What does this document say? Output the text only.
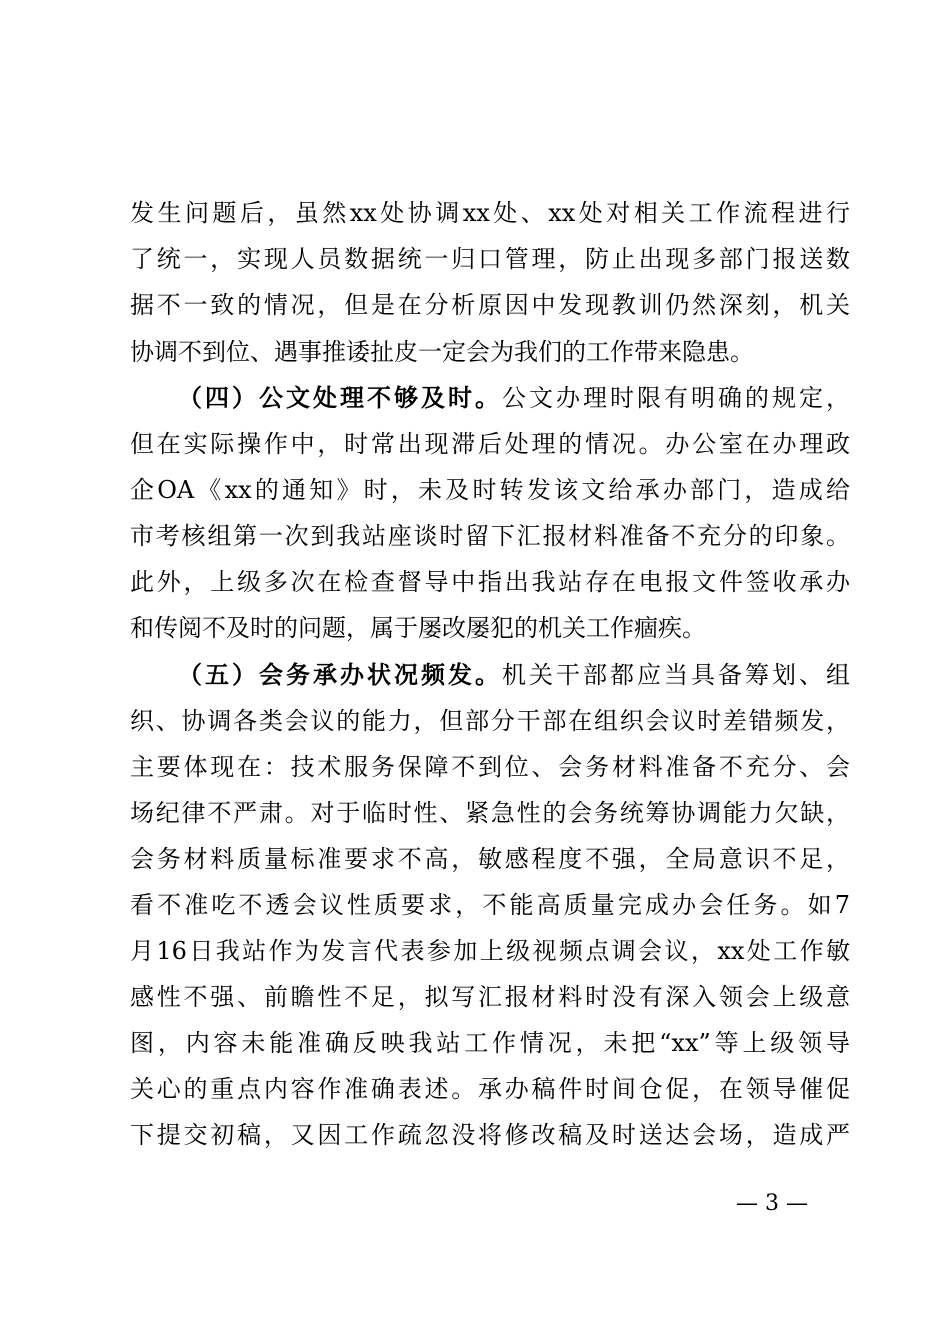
发生问题后，虽然xx处协调xx处、xx处对相关工作流程进行
了统一，实现人员数据统一归口管理，防止出现多部门报送数
据不一致的情况，但是在分析原因中发现教训仍然深刻，机关
协调不到位、遇事推诿扯皮一定会为我们的工作带来隐患。
（四）公文处理不够及时。公文办理时限有明确的规定，
但在实际操作中，时常出现滞后处理的情况。办公室在办理政
企OA《xx的通知》时，未及时转发该文给承办部门，造成给
市考核组第一次到我站座谈时留下汇报材料准备不充分的印象。
此外，上级多次在检查督导中指出我站存在电报文件签收承办
和传阅不及时的问题，属于屡改屡犯的机关工作痼疾。
（五）会务承办状况频发。机关干部都应当具备筹划、组
织、协调各类会议的能力，但部分干部在组织会议时差错频发，
主要体现在：技术服务保障不到位、会务材料准备不充分、会
场纪律不严肃。对于临时性、紧急性的会务统筹协调能力欠缺，
会务材料质量标准要求不高，敏感程度不强，全局意识不足，
看不准吃不透会议性质要求，不能高质量完成办会任务。如7
月16日我站作为发言代表参加上级视频点调会议，xx处工作敏
感性不强、前瞻性不足，拟写汇报材料时没有深入领会上级意
图，内容未能准确反映我站工作情况，未把“xx”等上级领导
关心的重点内容作准确表述。承办稿件时间仓促，在领导催促
下提交初稿，又因工作疏忽没将修改稿及时送达会场，造成严
— 3 —
